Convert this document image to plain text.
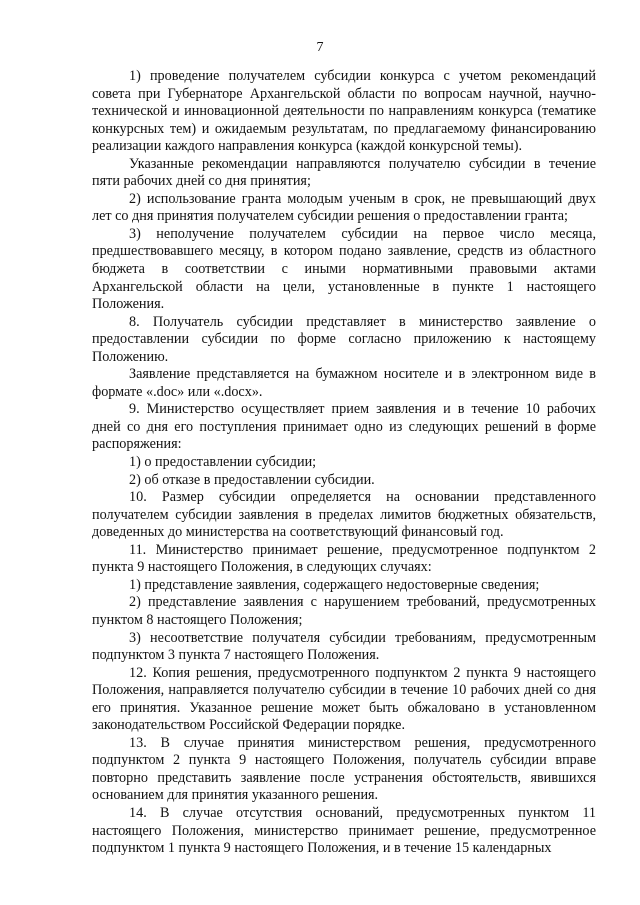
7

1) проведение получателем субсидии конкурса с учетом рекомендаций совета при Губернаторе Архангельской области по вопросам научной, научно-технической и инновационной деятельности по направлениям конкурса (тематике конкурсных тем) и ожидаемым результатам, по предлагаемому финансированию реализации каждого направления конкурса (каждой конкурсной темы).

Указанные рекомендации направляются получателю субсидии в течение пяти рабочих дней со дня принятия;

2) использование гранта молодым ученым в срок, не превышающий двух лет со дня принятия получателем субсидии решения о предоставлении гранта;

3) неполучение получателем субсидии на первое число месяца, предшествовавшего месяцу, в котором подано заявление, средств из областного бюджета в соответствии с иными нормативными правовыми актами Архангельской области на цели, установленные в пункте 1 настоящего Положения.

8. Получатель субсидии представляет в министерство заявление о предоставлении субсидии по форме согласно приложению к настоящему Положению.

Заявление представляется на бумажном носителе и в электронном виде в формате «.doc» или «.docx».

9. Министерство осуществляет прием заявления и в течение 10 рабочих дней со дня его поступления принимает одно из следующих решений в форме распоряжения:

1) о предоставлении субсидии;

2) об отказе в предоставлении субсидии.

10. Размер субсидии определяется на основании представленного получателем субсидии заявления в пределах лимитов бюджетных обязательств, доведенных до министерства на соответствующий финансовый год.

11. Министерство принимает решение, предусмотренное подпунктом 2 пункта 9 настоящего Положения, в следующих случаях:

1) представление заявления, содержащего недостоверные сведения;

2) представление заявления с нарушением требований, предусмотренных пунктом 8 настоящего Положения;

3) несоответствие получателя субсидии требованиям, предусмотренным подпунктом 3 пункта 7 настоящего Положения.

12. Копия решения, предусмотренного подпунктом 2 пункта 9 настоящего Положения, направляется получателю субсидии в течение 10 рабочих дней со дня его принятия. Указанное решение может быть обжаловано в установленном законодательством Российской Федерации порядке.

13. В случае принятия министерством решения, предусмотренного подпунктом 2 пункта 9 настоящего Положения, получатель субсидии вправе повторно представить заявление после устранения обстоятельств, явившихся основанием для принятия указанного решения.

14. В случае отсутствия оснований, предусмотренных пунктом 11 настоящего Положения, министерство принимает решение, предусмотренное подпунктом 1 пункта 9 настоящего Положения, и в течение 15 календарных
